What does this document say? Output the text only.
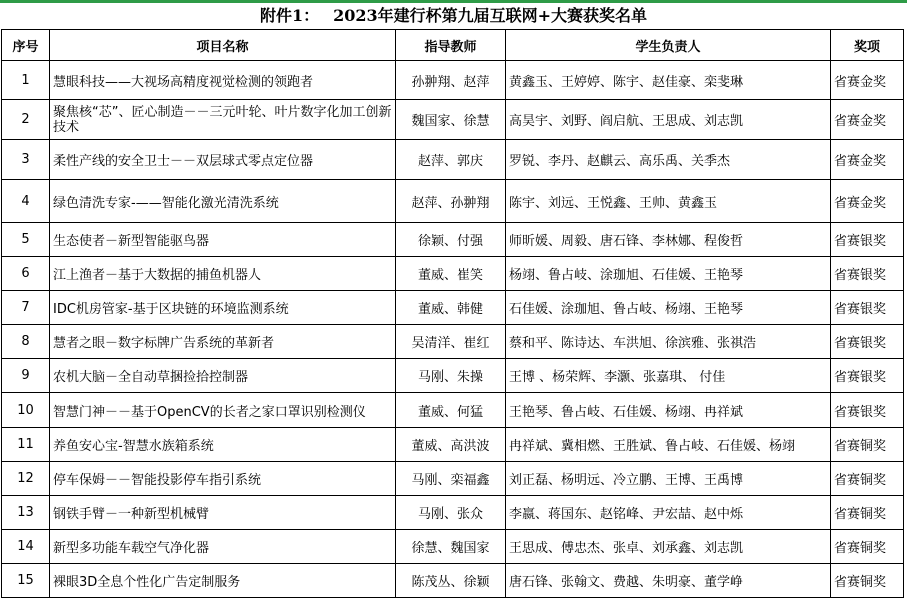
附件1： 2023年建行杯第九届互联网+大赛获奖名单
序号	项目名称	指导教师	学生负责人	奖项
1	慧眼科技——大视场高精度视觉检测的领跑者	孙翀翔、赵萍	黄鑫玉、王婷婷、陈宇、赵佳豪、栾斐琳	省赛金奖
2	聚焦核“芯”、匠心制造－－三元叶轮、叶片数字化加工创新技术	魏国家、徐慧	高昊宇、刘野、阎启航、王思成、刘志凯	省赛金奖
3	柔性产线的安全卫士－－双层球式零点定位器	赵萍、郭庆	罗锐、李丹、赵麒云、高乐禹、关季杰	省赛金奖
4	绿色清洗专家-——智能化激光清洗系统	赵萍、孙翀翔	陈宇、刘远、王悦鑫、王帅、黄鑫玉	省赛金奖
5	生态使者－新型智能驱鸟器	徐颖、付强	师昕媛、周毅、唐石锋、李林娜、程俊哲	省赛银奖
6	江上渔者－基于大数据的捕鱼机器人	董威、崔笑	杨翊、鲁占岐、涂珈旭、石佳媛、王艳琴	省赛银奖
7	IDC机房管家-基于区块链的环境监测系统	董威、韩健	石佳媛、涂珈旭、鲁占岐、杨翊、王艳琴	省赛银奖
8	慧者之眼－数字标牌广告系统的革新者	吴清洋、崔红	蔡和平、陈诗达、车洪旭、徐滨雅、张祺浩	省赛银奖
9	农机大脑－全自动草捆捡拾控制器	马刚、朱操	王博 、杨荣辉、李灏、张嘉琪、 付佳	省赛银奖
10	智慧门神－－基于OpenCV的长者之家口罩识别检测仪	董威、何猛	王艳琴、鲁占岐、石佳媛、杨翊、冉祥斌	省赛银奖
11	养鱼安心宝-智慧水族箱系统	董威、高洪波	冉祥斌、冀相燃、王胜斌、鲁占岐、石佳媛、杨翊	省赛铜奖
12	停车保姆－－智能投影停车指引系统	马刚、栾福鑫	刘正磊、杨明远、冷立鹏、王博、王禹博	省赛铜奖
13	钢铁手臂－一种新型机械臂	马刚、张众	李嬴、蒋国东、赵铭峰、尹宏喆、赵中烁	省赛铜奖
14	新型多功能车载空气净化器	徐慧、魏国家	王思成、傅忠杰、张卓、刘承鑫、刘志凯	省赛铜奖
15	裸眼3D全息个性化广告定制服务	陈茂丛、徐颖	唐石锋、张翰文、费越、朱明豪、董学峥	省赛铜奖
